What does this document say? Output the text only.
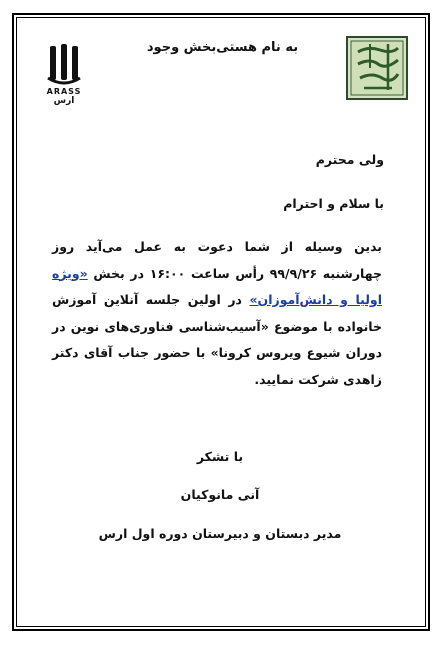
ARASS
ارس
به نام هستی‌بخش وجود
ولی محترم
با سلام و احترام
بدین وسیله از شما دعوت به عمل می‌آید روز چهارشنبه ۹۹/۹/۲۶ رأس ساعت ۱۶:۰۰ در بخش «ویژه اولیا و دانش‌آموزان» در اولین جلسه آنلاین آموزش خانواده با موضوع «آسیب‌شناسی فناوری‌های نوین در دوران شیوع ویروس کرونا» با حضور جناب آقای دکتر زاهدی شرکت نمایید.
با تشکر
آنی مانوکیان
مدیر دبستان و دبیرستان دوره اول ارس
